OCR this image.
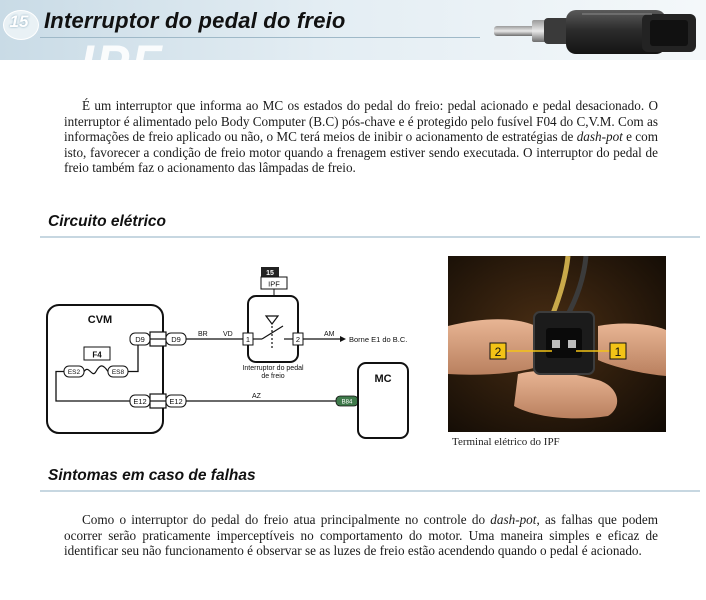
15 Interruptor do pedal do freio
IPF

É um interruptor que informa ao MC os estados do pedal do freio: pedal acionado e pedal desacionado. O interruptor é alimentado pelo Body Computer (B.C) pós-chave e é protegido pelo fusível F04 do C,V.M. Com as informações de freio aplicado ou não, o MC terá meios de inibir o acionamento de estratégias de dash-pot e com isto, favorecer a condição de freio motor quando a frenagem estiver sendo executada. O interruptor do pedal de freio também faz o acionamento das lâmpadas de freio.

Circuito elétrico
CVM
F4
ES2	ES8
D9	D9
E12	E12
BR VD
15
IPF
1	2
Interruptor do pedal
de freio
AM
Borne E1 do B.C.
AZ
B84
MC
2	1
Terminal elétrico do IPF
Sintomas em caso de falhas

Como o interruptor do pedal do freio atua principalmente no controle do dash-pot, as falhas que podem ocorrer serão praticamente imperceptíveis no comportamento do motor. Uma maneira simples e eficaz de identificar seu não funcionamento é observar se as luzes de freio estão acendendo quando o pedal é acionado.
